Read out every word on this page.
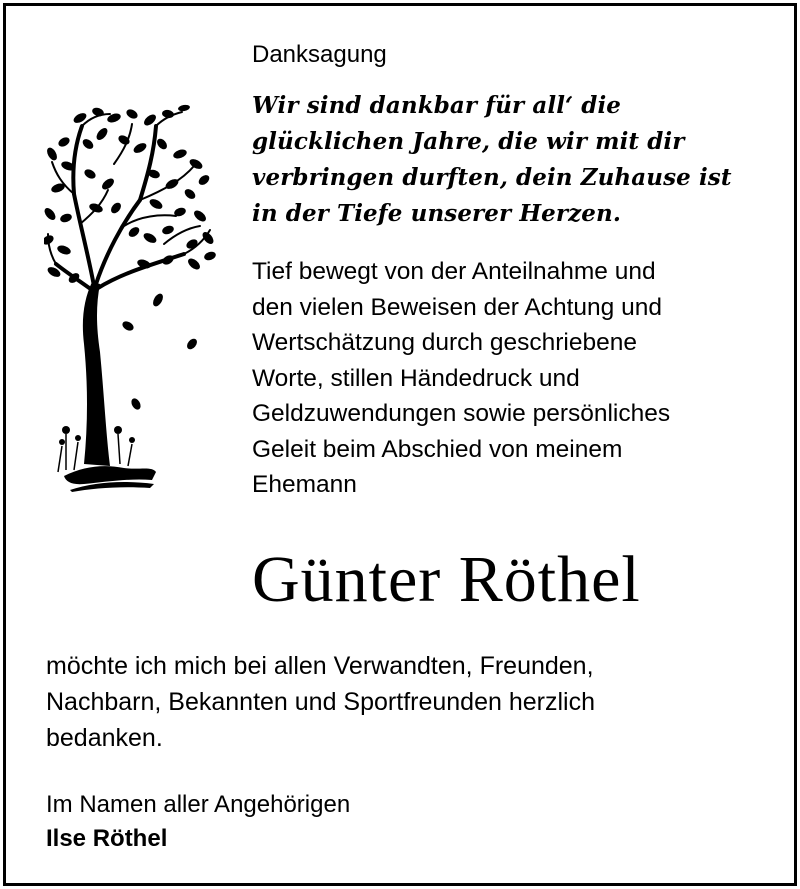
Danksagung
Wir sind dankbar für all‘ die
glücklichen Jahre, die wir mit dir
verbringen durften, dein Zuhause ist
in der Tiefe unserer Herzen.
Tief bewegt von der Anteilnahme und
den vielen Beweisen der Achtung und
Wertschätzung durch geschriebene
Worte, stillen Händedruck und
Geldzuwendungen sowie persönliches
Geleit beim Abschied von meinem
Ehemann
Günter Röthel
möchte ich mich bei allen Verwandten, Freunden,
Nachbarn, Bekannten und Sportfreunden herzlich
bedanken.
Im Namen aller Angehörigen
Ilse Röthel
